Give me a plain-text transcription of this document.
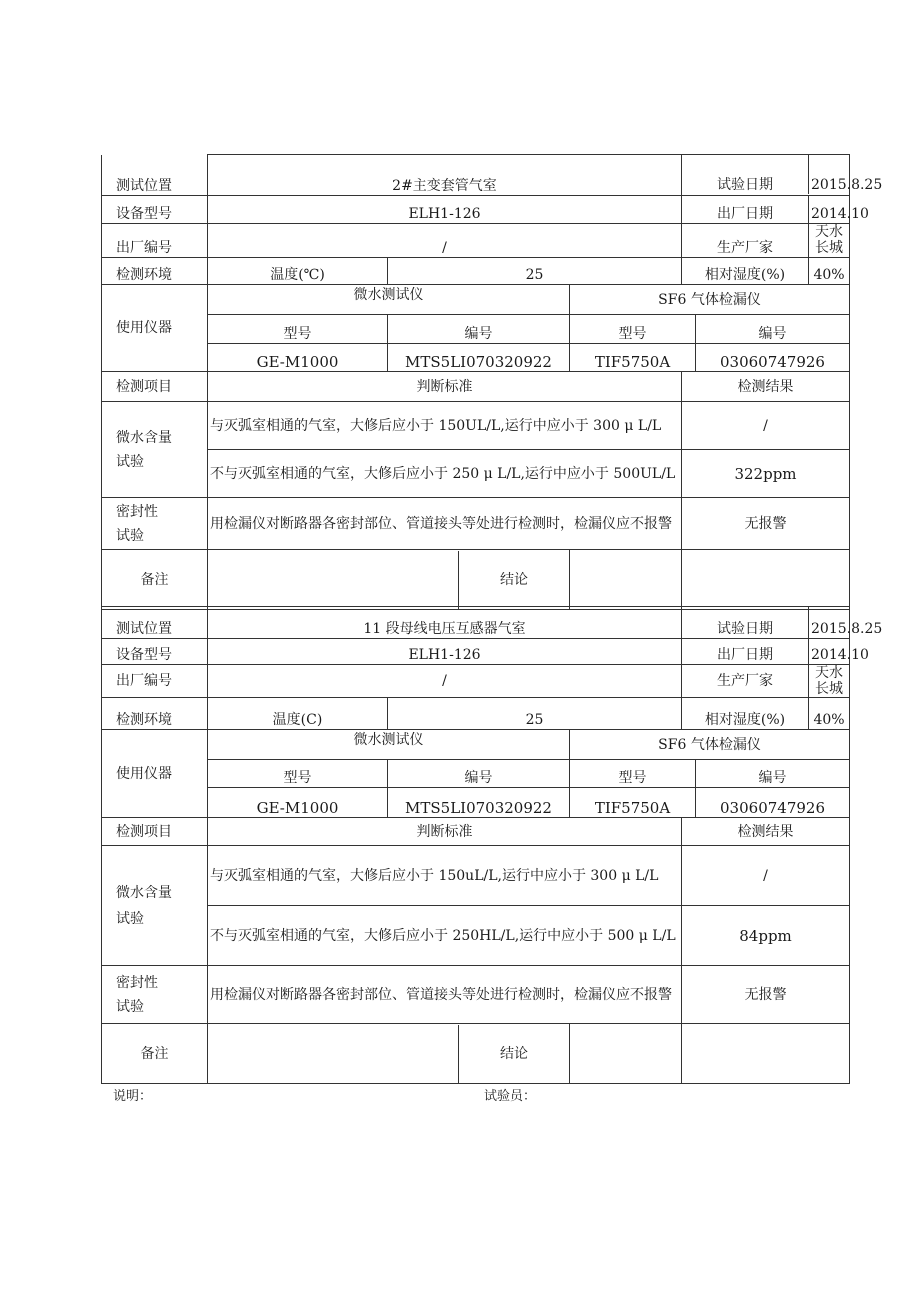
测试位置	2#主变套管气室		试验日期	2015.8.25

设备型号	ELH1-126		出厂日期	2014.10

出厂编号	/		生产厂家	天水长城

检测环境	温度(℃)	25		相对湿度(%)	40%

使用仪器	微水测试仪	SF6 气体检漏仪
型号	编号	型号	编号
GE-M1000	MTS5LI070320922	TIF5750A	03060747926
检测项目	判断标准	检测结果

微水含量
试验
	与灭弧室相通的气室，大修后应小于 150UL/L,运行中应小于 300 μ L/L	/
不与灭弧室相通的气室，大修后应小于 250 μ L/L,运行中应小于 500UL/L	322ppm

密封性
试验
	用检漏仪对断路器各密封部位、管道接头等处进行检测时，检漏仪应不报警	无报警
备注	
		结论

测试位置	11 段母线电压互感器气室		试验日期	2015.8.25

设备型号	ELH1-126		出厂日期	2014.10

出厂编号	/		生产厂家	天水长城

检测环境	温度(C)	25		相对湿度(%)	40%

使用仪器	微水测试仪	SF6 气体检漏仪
型号	编号	型号	编号
GE-M1000	MTS5LI070320922	TIF5750A	03060747926
检测项目	判断标准	检测结果

微水含量
试验
	与灭弧室相通的气室，大修后应小于 150uL/L,运行中应小于 300 μ L/L	/
不与灭弧室相通的气室，大修后应小于 250HL/L,运行中应小于 500 μ L/L	84ppm

密封性
试验
	用检漏仪对断路器各密封部位、管道接头等处进行检测时，检漏仪应不报警	无报警
备注	
		结论

说明：	试验员：
